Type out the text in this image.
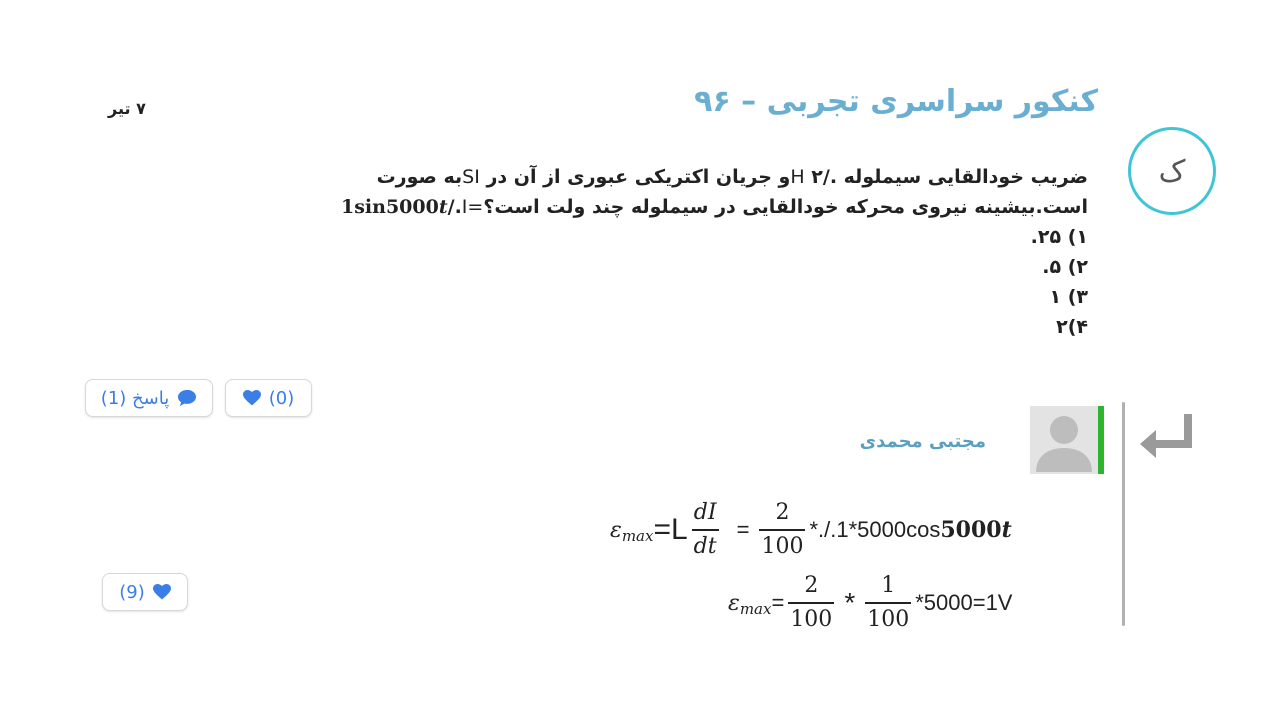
کنکور سراسری تجربی – ۹۶
۷ تیر
ک
ضریب خودالقایی سیملوله ./۲ Hو جریان اکتریکی عبوری از آن در SIبه صورت
است.بیشینه نیروی محرکه خودالقایی در سیملوله چند ولت است؟=I./1sin5000t
۱) ۲۵.
۲) ۵.
۳) ۱
۴)۲
پاسخ (1)	(0)
مجتبی محمدی
ε $\max =L \frac{dI}{dt} = \frac{2}{100} *./.1*5000\cos$ 5000 t
ε $\max = \frac{2}{100} * \frac{1}{100} *5000=1V$
(9)
